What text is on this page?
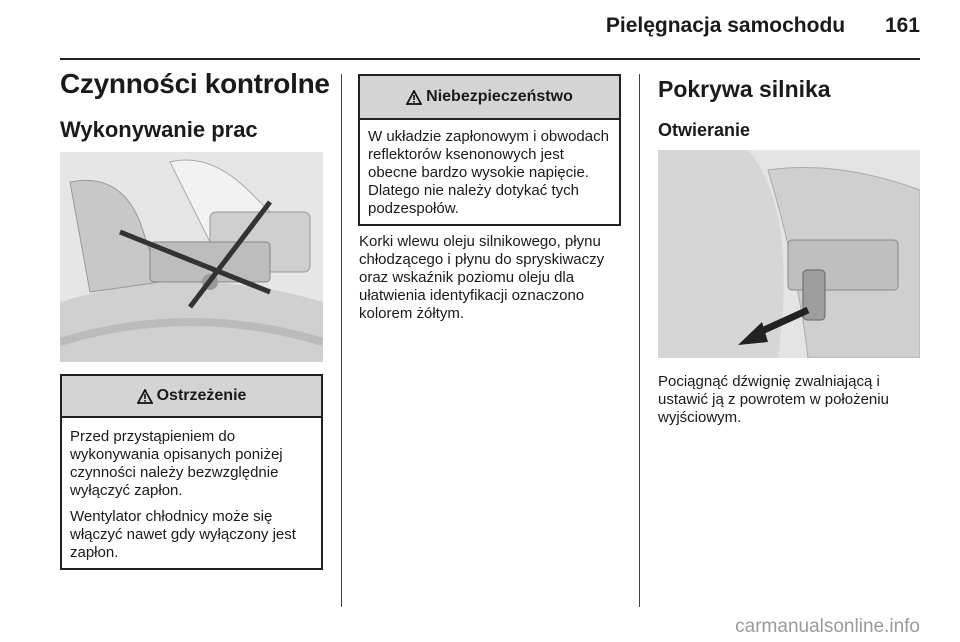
Pielęgnacja samochodu 161
Czynności kontrolne
Wykonywanie prac
Ostrzeżenie

Przed przystąpieniem do wykonywania opisanych poniżej czynności należy bezwzględnie wyłączyć zapłon.

Wentylator chłodnicy może się włączyć nawet gdy wyłączony jest zapłon.

Niebezpieczeństwo

W układzie zapłonowym i obwodach reflektorów ksenonowych jest obecne bardzo wysokie napięcie. Dlatego nie należy dotykać tych podzespołów.

Korki wlewu oleju silnikowego, płynu chłodzącego i płynu do spryskiwaczy oraz wskaźnik poziomu oleju dla ułatwienia identyfikacji oznaczono kolorem żółtym.

Pokrywa silnika
Otwieranie

Pociągnąć dźwignię zwalniającą i ustawić ją z powrotem w położeniu wyjściowym.

carmanualsonline.info
